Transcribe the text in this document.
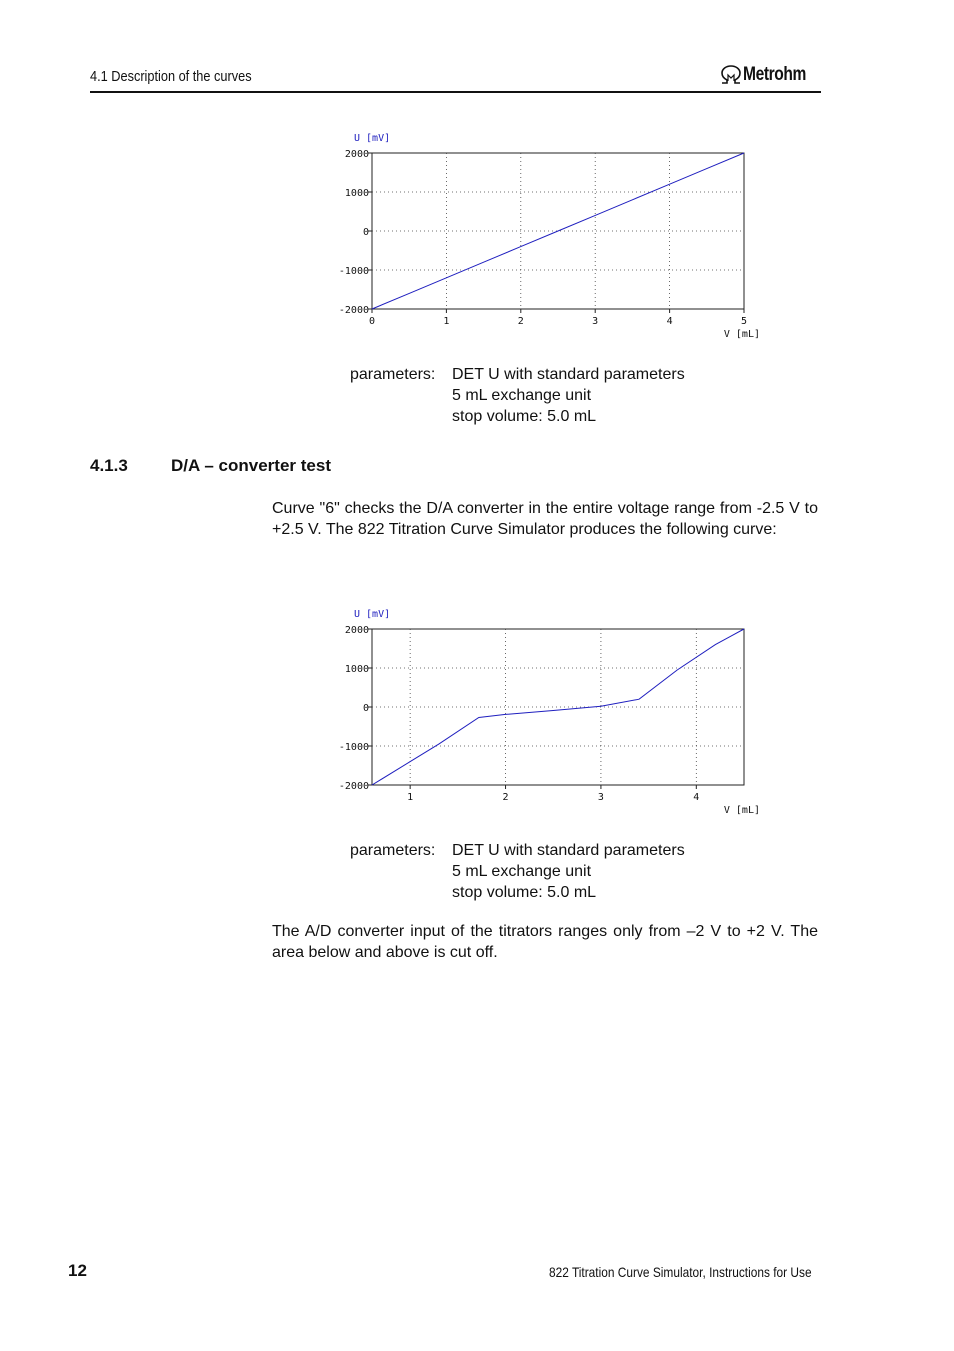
4.1 Description of the curves	Metrohm
2000
1000
0
-1000
-2000
0	1	2	3	4	5
U [mV]
V [mL]
parameters: DET U with standard parameters
5 mL exchange unit
stop volume: 5.0 mL
4.1.3	D/A – converter test
Curve "6" checks the D/A converter in the entire voltage range from -2.5 V to +2.5 V. The 822 Titration Curve Simulator produces the following curve:
2000
1000
0
-1000
-2000
1	2	3	4
U [mV]
V [mL]
parameters: DET U with standard parameters
5 mL exchange unit
stop volume: 5.0 mL
The A/D converter input of the titrators ranges only from –2 V to +2 V. The area below and above is cut off.
12	822 Titration Curve Simulator, Instructions for Use
